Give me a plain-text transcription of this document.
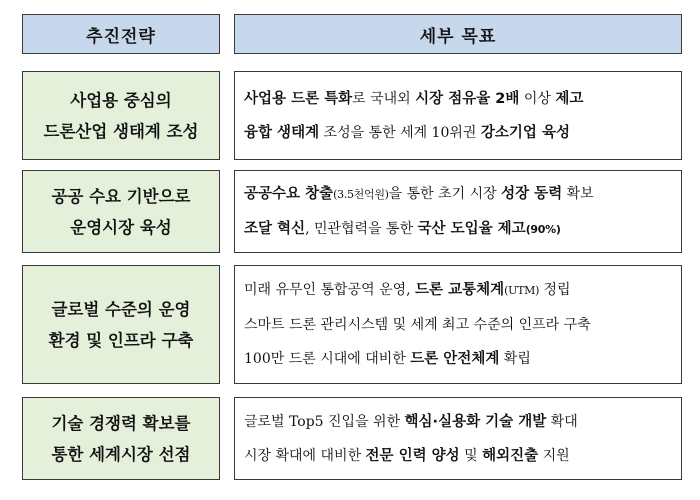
추진전략	세부 목표
사업용 중심의
드론산업 생태계 조성
사업용 드론 특화로 국내외 시장 점유율 2배 이상 제고
융합 생태계 조성을 통한 세계 10위권 강소기업 육성
공공 수요 기반으로
운영시장 육성
공공수요 창출(3.5천억원)을 통한 초기 시장 성장 동력 확보
조달 혁신, 민관협력을 통한 국산 도입율 제고(90%)
글로벌 수준의 운영
환경 및 인프라 구축
미래 유무인 통합공역 운영, 드론 교통체계(UTM) 정립
스마트 드론 관리시스템 및 세계 최고 수준의 인프라 구축
100만 드론 시대에 대비한 드론 안전체계 확립
기술 경쟁력 확보를
통한 세계시장 선점
글로벌 Top5 진입을 위한 핵심·실용화 기술 개발 확대
시장 확대에 대비한 전문 인력 양성 및 해외진출 지원
